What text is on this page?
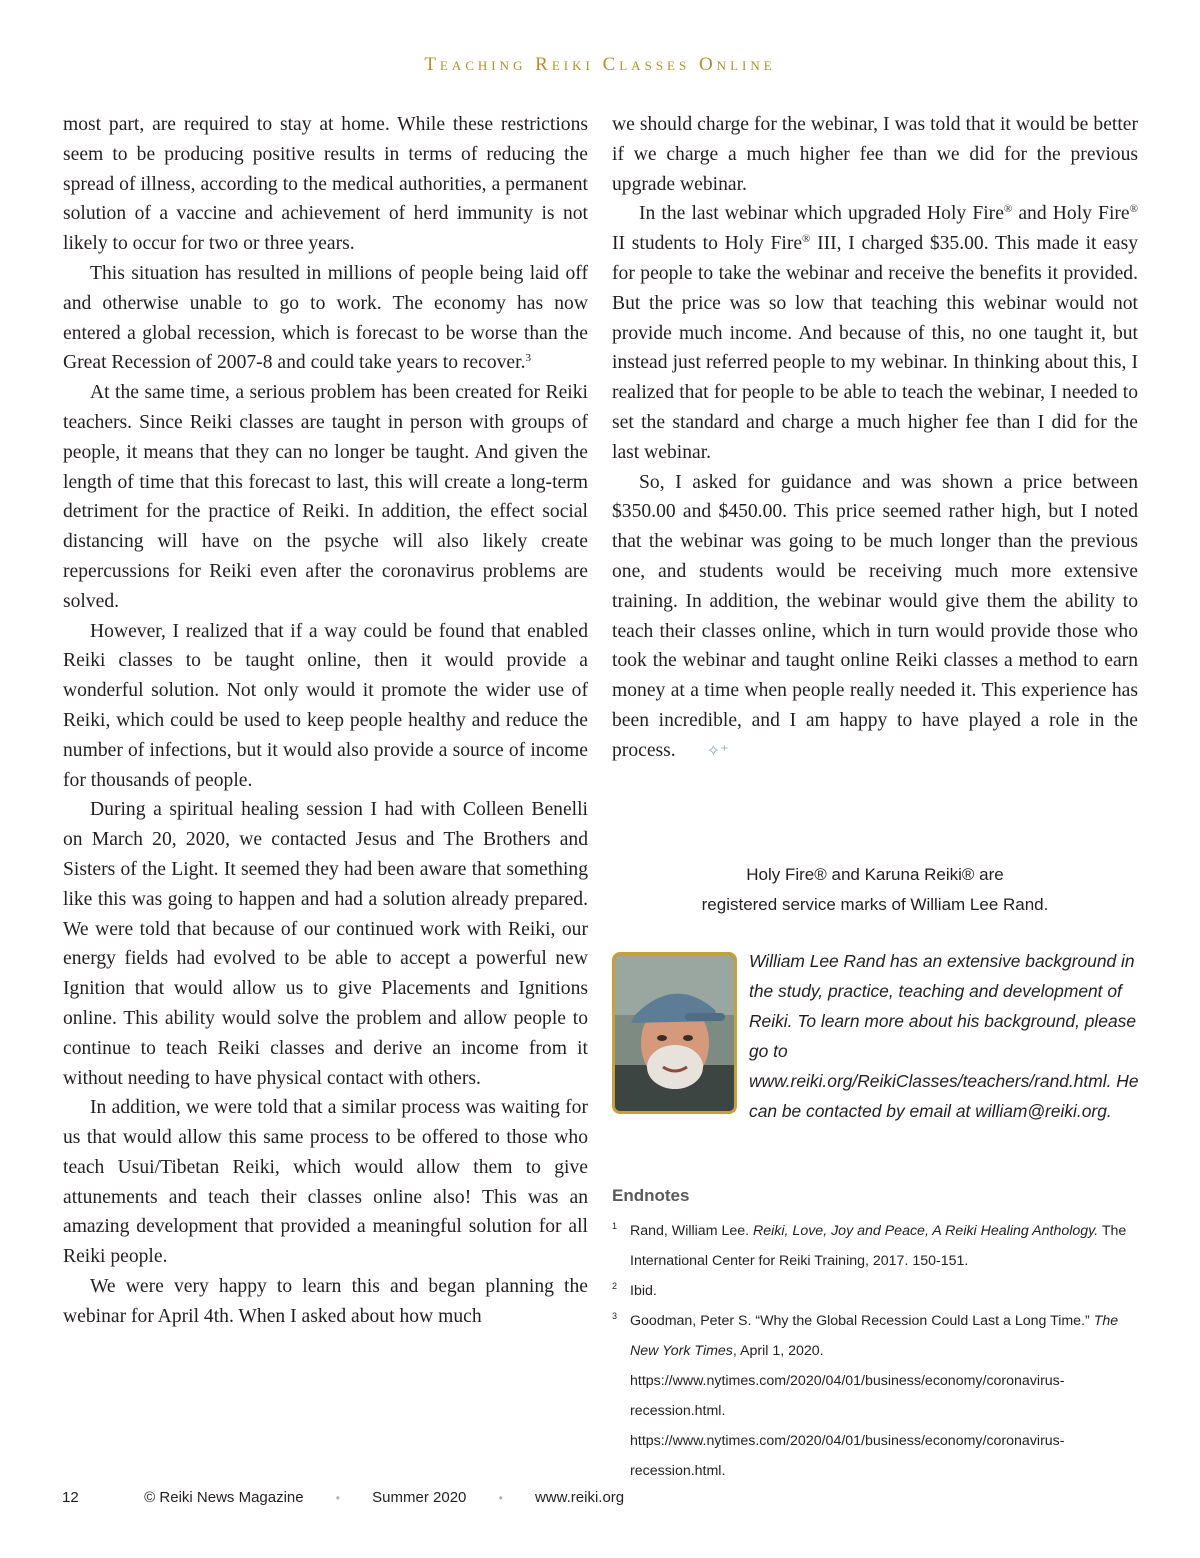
Teaching Reiki Classes Online

most part, are required to stay at home. While these restrictions seem to be producing positive results in terms of reducing the spread of illness, according to the medical authorities, a permanent solution of a vaccine and achievement of herd immunity is not likely to occur for two or three years.

This situation has resulted in millions of people being laid off and otherwise unable to go to work. The economy has now entered a global recession, which is forecast to be worse than the Great Recession of 2007-8 and could take years to recover.$^3$

At the same time, a serious problem has been created for Reiki teachers. Since Reiki classes are taught in person with groups of people, it means that they can no longer be taught. And given the length of time that this forecast to last, this will create a long-term detriment for the practice of Reiki. In addition, the effect social distancing will have on the psyche will also likely create repercussions for Reiki even after the coronavirus problems are solved.

However, I realized that if a way could be found that enabled Reiki classes to be taught online, then it would provide a wonderful solution. Not only would it promote the wider use of Reiki, which could be used to keep people healthy and reduce the number of infections, but it would also provide a source of income for thousands of people.

During a spiritual healing session I had with Colleen Benelli on March 20, 2020, we contacted Jesus and The Brothers and Sisters of the Light. It seemed they had been aware that something like this was going to happen and had a solution already prepared. We were told that because of our continued work with Reiki, our energy fields had evolved to be able to accept a powerful new Ignition that would allow us to give Placements and Ignitions online. This ability would solve the problem and allow people to continue to teach Reiki classes and derive an income from it without needing to have physical contact with others.

In addition, we were told that a similar process was waiting for us that would allow this same process to be offered to those who teach Usui/Tibetan Reiki, which would allow them to give attunements and teach their classes online also! This was an amazing development that provided a meaningful solution for all Reiki people.

We were very happy to learn this and began planning the webinar for April 4th. When I asked about how much

we should charge for the webinar, I was told that it would be better if we charge a much higher fee than we did for the previous upgrade webinar.

In the last webinar which upgraded Holy Fire® and Holy Fire® II students to Holy Fire® III, I charged $35.00. This made it easy for people to take the webinar and receive the benefits it provided. But the price was so low that teaching this webinar would not provide much income. And because of this, no one taught it, but instead just referred people to my webinar. In thinking about this, I realized that for people to be able to teach the webinar, I needed to set the standard and charge a much higher fee than I did for the last webinar.

So, I asked for guidance and was shown a price between $350.00 and $450.00. This price seemed rather high, but I noted that the webinar was going to be much longer than the previous one, and students would be receiving much more extensive training. In addition, the webinar would give them the ability to teach their classes online, which in turn would provide those who took the webinar and taught online Reiki classes a method to earn money at a time when people really needed it. This experience has been incredible, and I am happy to have played a role in the process. ✧⁺

Holy Fire® and Karuna Reiki® are
registered service marks of William Lee Rand.
William Lee Rand has an extensive background in the study, practice, teaching and development of Reiki. To learn more about his background, please go to www.reiki.org/ReikiClasses/teachers/rand.html. He can be contacted by email at william@reiki.org.
Endnotes
1 Rand, William Lee. Reiki, Love, Joy and Peace, A Reiki Healing Anthology. The International Center for Reiki Training, 2017. 150-151.
2 Ibid.
3 Goodman, Peter S. “Why the Global Recession Could Last a Long Time.” The New York Times, April 1, 2020. https://www.nytimes.com/2020/04/01/business/economy/coronavirus-recession.html. https://www.nytimes.com/2020/04/01/business/economy/coronavirus-recession.html.
12	© Reiki News Magazine	• Summer 2020	• www.reiki.org
